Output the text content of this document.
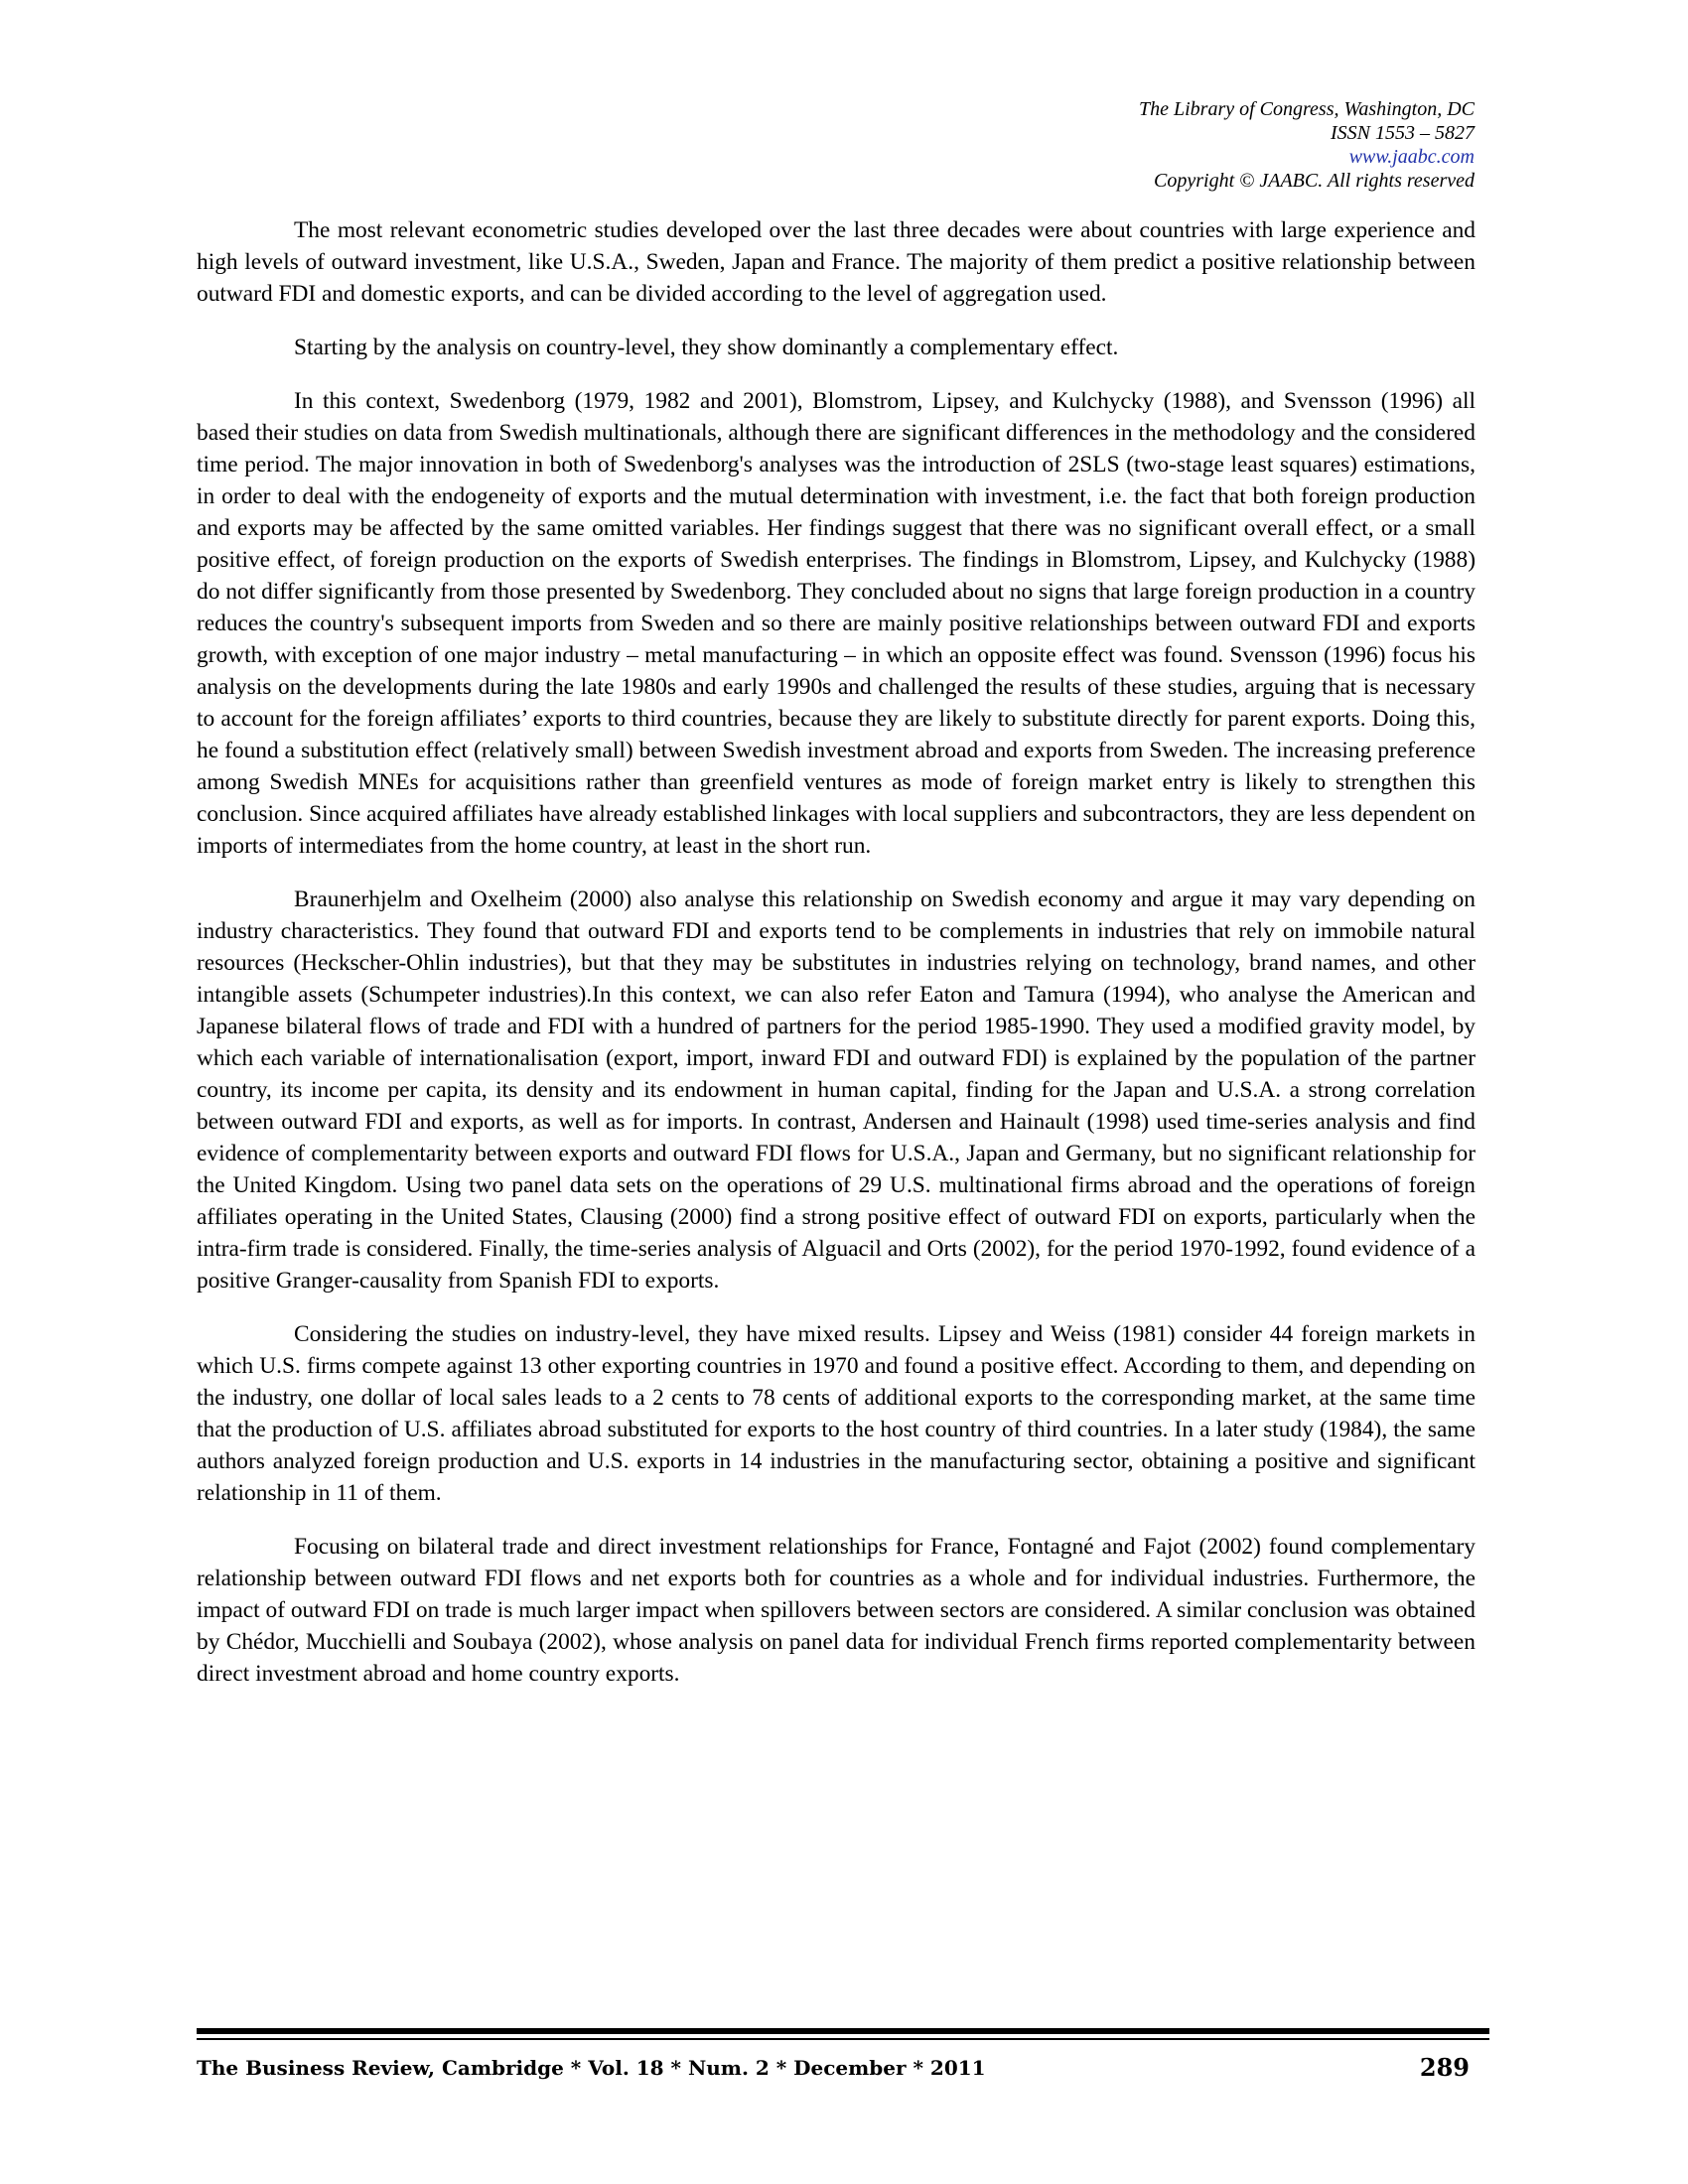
The Library of Congress, Washington, DC
ISSN 1553 – 5827
www.jaabc.com
Copyright © JAABC. All rights reserved

The most relevant econometric studies developed over the last three decades were about countries with large experience and high levels of outward investment, like U.S.A., Sweden, Japan and France. The majority of them predict a positive relationship between outward FDI and domestic exports, and can be divided according to the level of aggregation used.

Starting by the analysis on country-level, they show dominantly a complementary effect.

In this context, Swedenborg (1979, 1982 and 2001), Blomstrom, Lipsey, and Kulchycky (1988), and Svensson (1996) all based their studies on data from Swedish multinationals, although there are significant differences in the methodology and the considered time period. The major innovation in both of Swedenborg's analyses was the introduction of 2SLS (two-stage least squares) estimations, in order to deal with the endogeneity of exports and the mutual determination with investment, i.e. the fact that both foreign production and exports may be affected by the same omitted variables. Her findings suggest that there was no significant overall effect, or a small positive effect, of foreign production on the exports of Swedish enterprises. The findings in Blomstrom, Lipsey, and Kulchycky (1988) do not differ significantly from those presented by Swedenborg. They concluded about no signs that large foreign production in a country reduces the country's subsequent imports from Sweden and so there are mainly positive relationships between outward FDI and exports growth, with exception of one major industry – metal manufacturing – in which an opposite effect was found. Svensson (1996) focus his analysis on the developments during the late 1980s and early 1990s and challenged the results of these studies, arguing that is necessary to account for the foreign affiliates’ exports to third countries, because they are likely to substitute directly for parent exports. Doing this, he found a substitution effect (relatively small) between Swedish investment abroad and exports from Sweden. The increasing preference among Swedish MNEs for acquisitions rather than greenfield ventures as mode of foreign market entry is likely to strengthen this conclusion. Since acquired affiliates have already established linkages with local suppliers and subcontractors, they are less dependent on imports of intermediates from the home country, at least in the short run.

Braunerhjelm and Oxelheim (2000) also analyse this relationship on Swedish economy and argue it may vary depending on industry characteristics. They found that outward FDI and exports tend to be complements in industries that rely on immobile natural resources (Heckscher-Ohlin industries), but that they may be substitutes in industries relying on technology, brand names, and other intangible assets (Schumpeter industries).In this context, we can also refer Eaton and Tamura (1994), who analyse the American and Japanese bilateral flows of trade and FDI with a hundred of partners for the period 1985-1990. They used a modified gravity model, by which each variable of internationalisation (export, import, inward FDI and outward FDI) is explained by the population of the partner country, its income per capita, its density and its endowment in human capital, finding for the Japan and U.S.A. a strong correlation between outward FDI and exports, as well as for imports. In contrast, Andersen and Hainault (1998) used time-series analysis and find evidence of complementarity between exports and outward FDI flows for U.S.A., Japan and Germany, but no significant relationship for the United Kingdom. Using two panel data sets on the operations of 29 U.S. multinational firms abroad and the operations of foreign affiliates operating in the United States, Clausing (2000) find a strong positive effect of outward FDI on exports, particularly when the intra-firm trade is considered. Finally, the time-series analysis of Alguacil and Orts (2002), for the period 1970-1992, found evidence of a positive Granger-causality from Spanish FDI to exports.

Considering the studies on industry-level, they have mixed results. Lipsey and Weiss (1981) consider 44 foreign markets in which U.S. firms compete against 13 other exporting countries in 1970 and found a positive effect. According to them, and depending on the industry, one dollar of local sales leads to a 2 cents to 78 cents of additional exports to the corresponding market, at the same time that the production of U.S. affiliates abroad substituted for exports to the host country of third countries. In a later study (1984), the same authors analyzed foreign production and U.S. exports in 14 industries in the manufacturing sector, obtaining a positive and significant relationship in 11 of them.

Focusing on bilateral trade and direct investment relationships for France, Fontagné and Fajot (2002) found complementary relationship between outward FDI flows and net exports both for countries as a whole and for individual industries. Furthermore, the impact of outward FDI on trade is much larger impact when spillovers between sectors are considered. A similar conclusion was obtained by Chédor, Mucchielli and Soubaya (2002), whose analysis on panel data for individual French firms reported complementarity between direct investment abroad and home country exports.

The Business Review, Cambridge * Vol. 18 * Num. 2 * December * 2011	289
